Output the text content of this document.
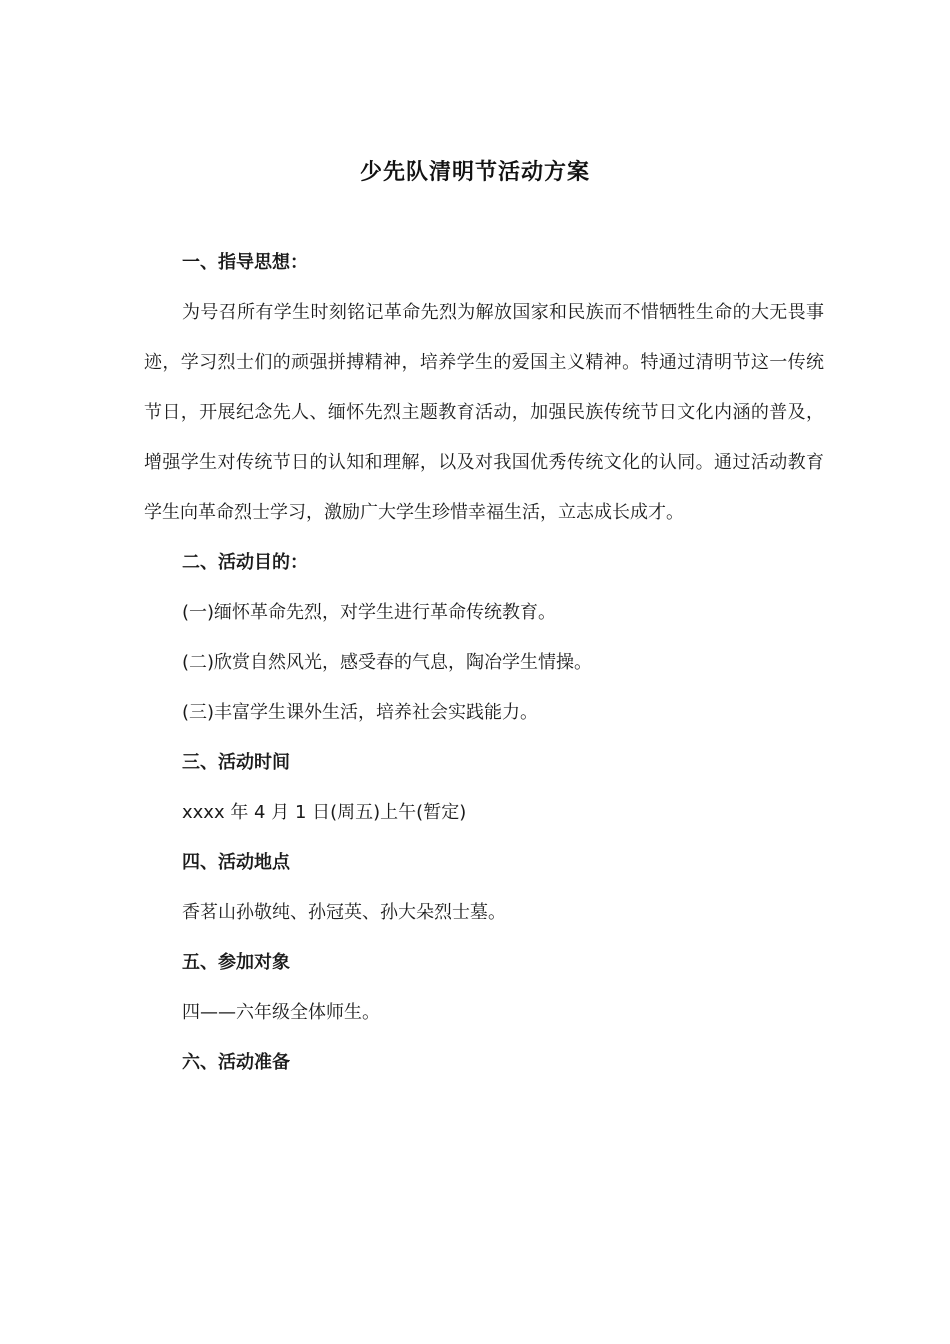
少先队清明节活动方案

一、指导思想：

为号召所有学生时刻铭记革命先烈为解放国家和民族而不惜牺牲生命的大无畏事迹，学习烈士们的顽强拼搏精神，培养学生的爱国主义精神。特通过清明节这一传统节日，开展纪念先人、缅怀先烈主题教育活动，加强民族传统节日文化内涵的普及，增强学生对传统节日的认知和理解，以及对我国优秀传统文化的认同。通过活动教育学生向革命烈士学习，激励广大学生珍惜幸福生活，立志成长成才。

二、活动目的：

(一)缅怀革命先烈，对学生进行革命传统教育。

(二)欣赏自然风光，感受春的气息，陶冶学生情操。

(三)丰富学生课外生活，培养社会实践能力。

三、活动时间

xxxx 年 4 月 1 日(周五)上午(暂定)

四、活动地点

香茗山孙敬纯、孙冠英、孙大朵烈士墓。

五、参加对象

四——六年级全体师生。

六、活动准备
